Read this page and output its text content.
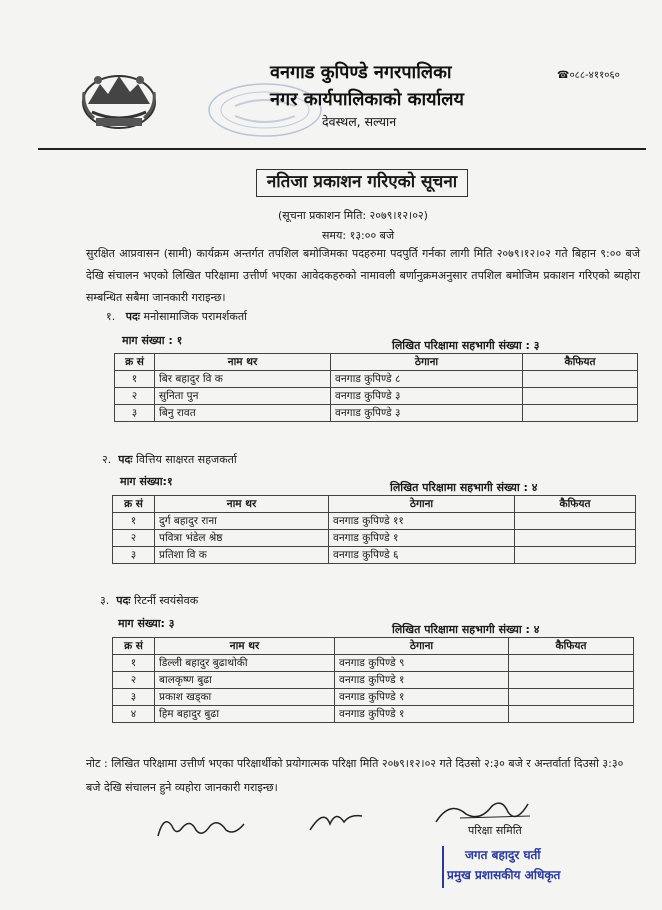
वनगाड कुपिण्डे नगरपालिका
नगर कार्यपालिकाको कार्यालय
देवस्थल, सल्यान
☎०८८-४११०६०
नतिजा प्रकाशन गरिएको सूचना
(सूचना प्रकाशन मिति: २०७९।१२।०२)
समय: १३:०० बजे
सुरक्षित आप्रवासन (सामी) कार्यक्रम अन्तर्गत तपशिल बमोजिमका पदहरुमा पदपुर्ति गर्नका लागी मिति २०७९।१२।०२ गते बिहान ९:०० बजे देखि संचालन भएको लिखित परिक्षामा उत्तीर्ण भएका आवेदकहरुको नामावली बर्णानुक्रमअनुसार तपशिल बमोजिम प्रकाशन गरिएको ब्यहोरा सम्बन्धित सबैमा जानकारी गराइन्छ।
१. पदः मनोसामाजिक परामर्शकर्ता
माग संख्या : १	लिखित परिक्षामा सहभागी संख्या : ३
क्र सं	नाम थर	ठेगाना	कैफियत
१	बिर बहादुर वि क	वनगाड कुपिण्डे ८	
२	सुनिता पुन	वनगाड कुपिण्डे ३	
३	बिनु रावत	वनगाड कुपिण्डे ३	
२. पदः वित्तिय साक्षरत सहजकर्ता
माग संख्या:१	लिखित परिक्षामा सहभागी संख्या : ४
क्र सं	नाम थर	ठेगाना	कैफियत
१	दुर्ग बहादुर राना	वनगाड कुपिण्डे ११	
२	पवित्रा भंडेल श्रेष्ठ	वनगाड कुपिण्डे १	
३	प्रतिशा वि क	वनगाड कुपिण्डे ६	
३. पदः रिटर्नी स्वयंसेवक
माग संख्या: ३	लिखित परिक्षामा सहभागी संख्या : ४
क्र सं	नाम थर	ठेगाना	कैफियत
१	डिल्ली बहादुर बुढाथोकी	वनगाड कुपिण्डे ९	
२	बालकृष्ण बुढा	वनगाड कुपिण्डे १	
३	प्रकाश खड्का	वनगाड कुपिण्डे १	
४	हिम बहादुर बुढा	वनगाड कुपिण्डे १	
नोट : लिखित परिक्षामा उत्तीर्ण भएका परिक्षार्थीको प्रयोगात्मक परिक्षा मिति २०७९।१२।०२ गते दिउसो २:३० बजे र अन्तर्वार्ता दिउसो ३:३० बजे देखि संचालन हुने व्यहोरा जानकारी गराइन्छ।
परिक्षा समिति
जगत बहादुर घर्ती
प्रमुख प्रशासकीय अधिकृत
